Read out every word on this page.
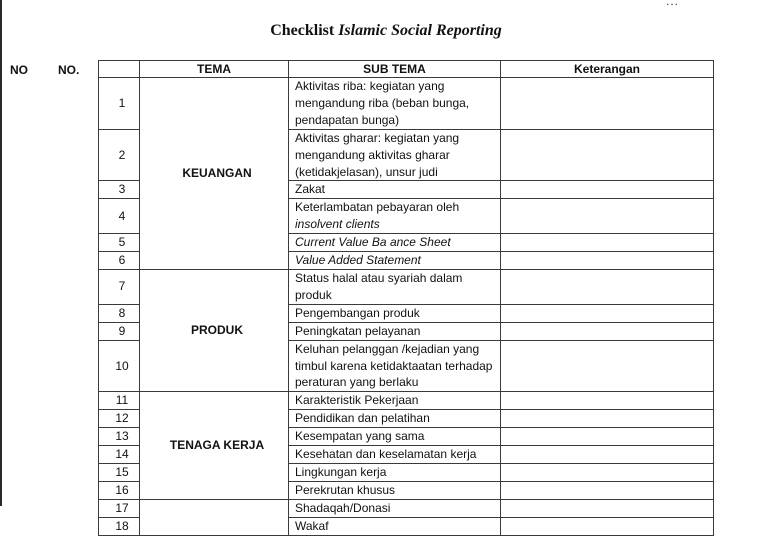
...
Checklist Islamic Social Reporting
NO	NO.
		TEMA	SUB TEMA	Keterangan
1	KEUANGAN	Aktivitas riba: kegiatan yang mengandung riba (beban bunga, pendapatan bunga)	
2		Aktivitas gharar: kegiatan yang mengandung aktivitas gharar (ketidakjelasan), unsur judi	
3		Zakat	
4		Keterlambatan pebayaran oleh
insolvent clients	
5		Current Value Ba ance Sheet	
6		Value Added Statement	
7	PRODUK	Status halal atau syariah dalam produk	
8		Pengembangan produk	
9		Peningkatan pelayanan	
10		Keluhan pelanggan /kejadian yang timbul karena ketidaktaatan terhadap peraturan yang berlaku	
11	TENAGA KERJA	Karakteristik Pekerjaan	
12		Pendidikan dan pelatihan	
13		Kesempatan yang sama	
14		Kesehatan dan keselamatan kerja	
15		Lingkungan kerja	
16		Perekrutan khusus	
17		Shadaqah/Donasi	
18		Wakaf	
